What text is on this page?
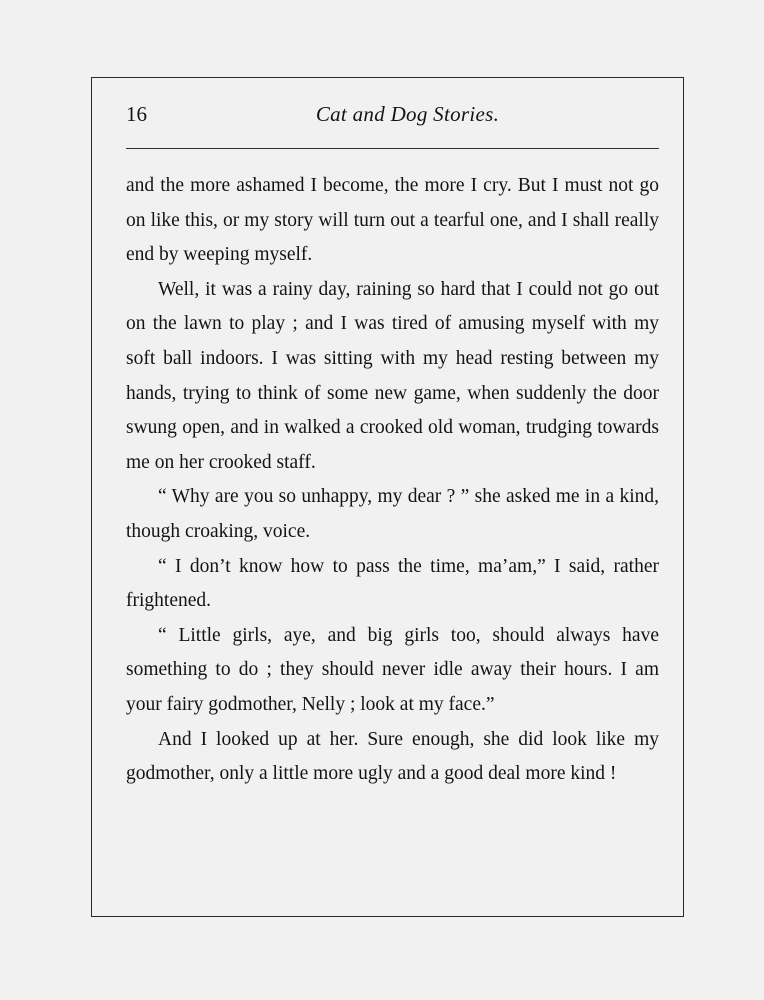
16	Cat and Dog Stories.

and the more ashamed I become, the more I cry. But I must not go on like this, or my story will turn out a tearful one, and I shall really end by weeping myself.

Well, it was a rainy day, raining so hard that I could not go out on the lawn to play ; and I was tired of amusing myself with my soft ball indoors. I was sitting with my head resting between my hands, trying to think of some new game, when suddenly the door swung open, and in walked a crooked old woman, trudging towards me on her crooked staff.

“ Why are you so unhappy, my dear ? ” she asked me in a kind, though croaking, voice.

“ I don’t know how to pass the time, ma’am,” I said, rather frightened.

“ Little girls, aye, and big girls too, should always have something to do ; they should never idle away their hours. I am your fairy godmother, Nelly ; look at my face.”

And I looked up at her. Sure enough, she did look like my godmother, only a little more ugly and a good deal more kind !
